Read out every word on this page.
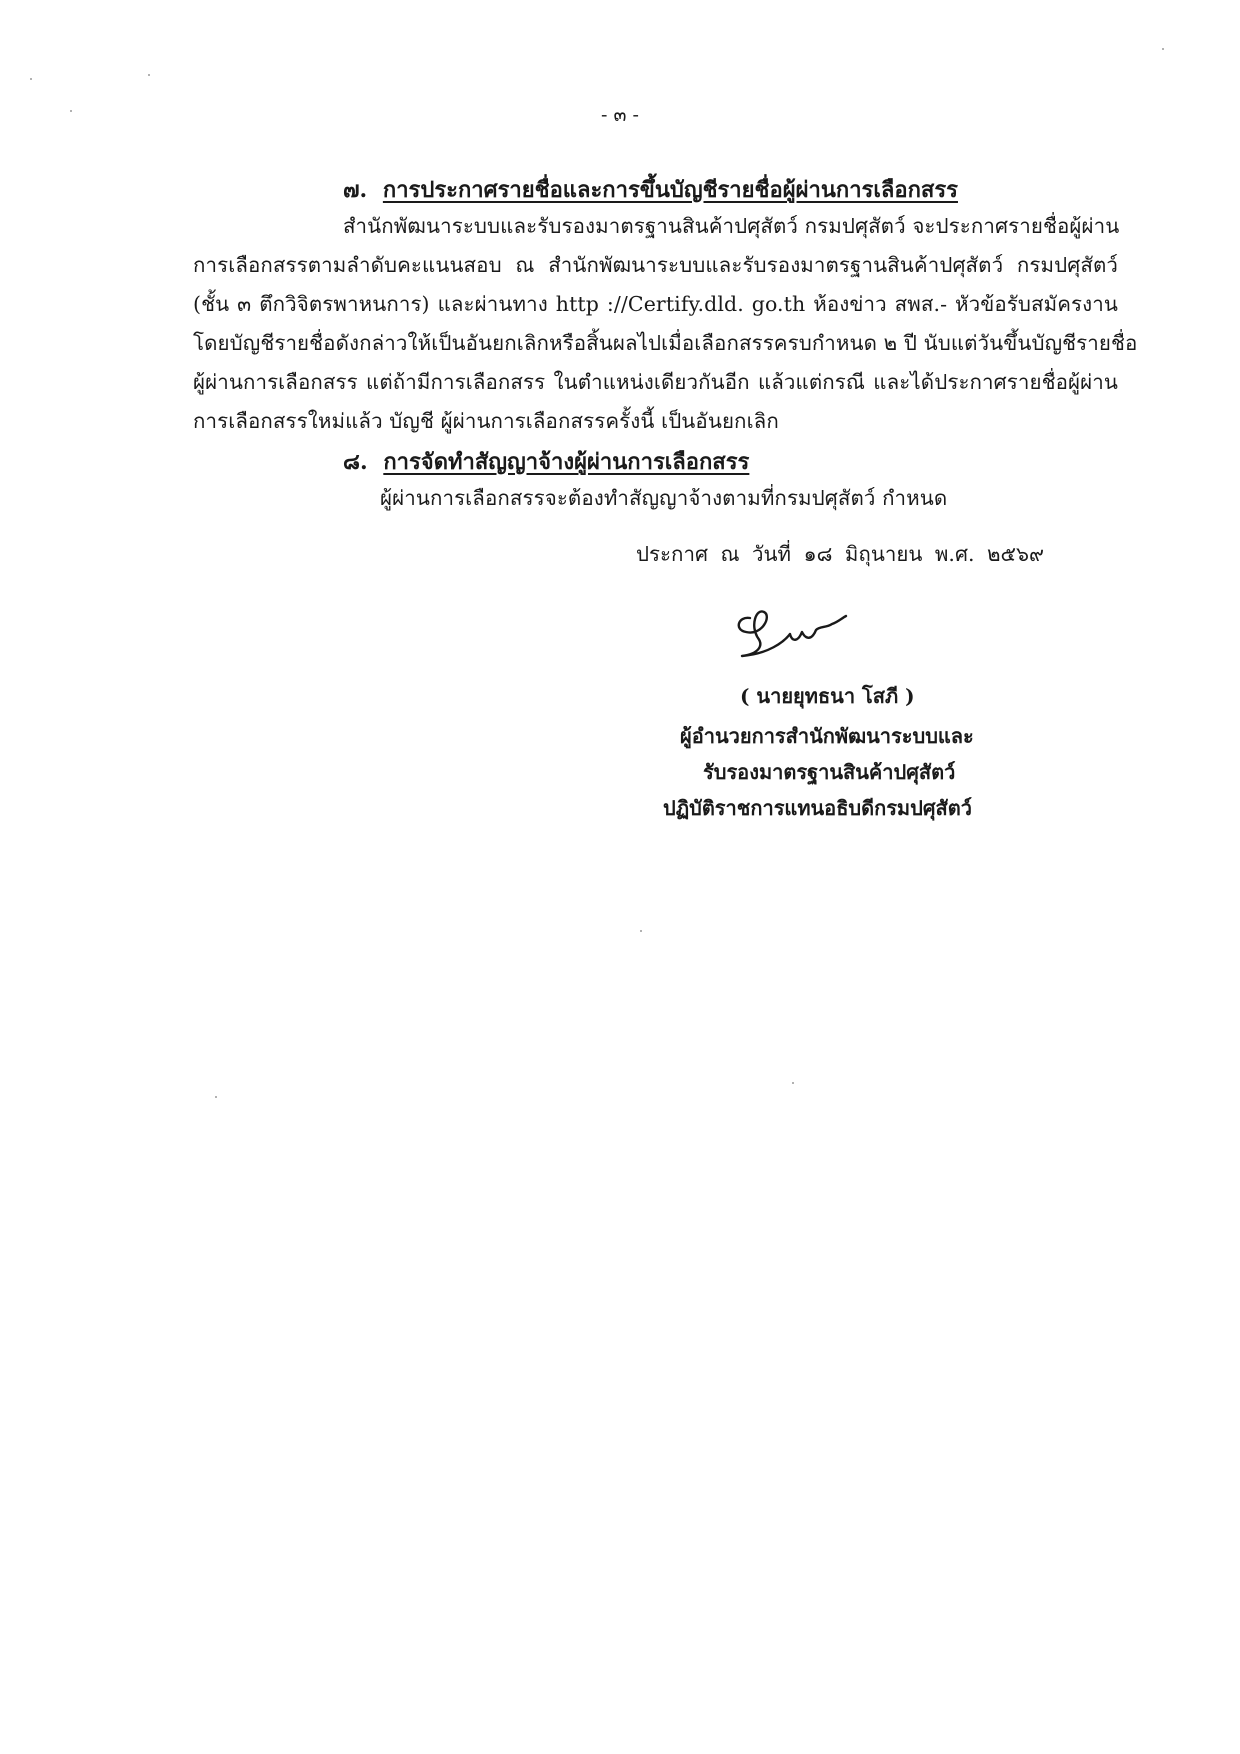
- ๓ -
๗. การประกาศรายชื่อและการขึ้นบัญชีรายชื่อผู้ผ่านการเลือกสรร
สำนักพัฒนาระบบและรับรองมาตรฐานสินค้าปศุสัตว์ กรมปศุสัตว์ จะประกาศรายชื่อผู้ผ่าน
การเลือกสรรตามลำดับคะแนนสอบ ณ สำนักพัฒนาระบบและรับรองมาตรฐานสินค้าปศุสัตว์ กรมปศุสัตว์
(ชั้น ๓ ตึกวิจิตรพาหนการ) และผ่านทาง http ://Certify.dld. go.th ห้องข่าว สพส.- หัวข้อรับสมัครงาน
โดยบัญชีรายชื่อดังกล่าวให้เป็นอันยกเลิกหรือสิ้นผลไปเมื่อเลือกสรรครบกำหนด ๒ ปี นับแต่วันขึ้นบัญชีรายชื่อ
ผู้ผ่านการเลือกสรร แต่ถ้ามีการเลือกสรร ในตำแหน่งเดียวกันอีก แล้วแต่กรณี และได้ประกาศรายชื่อผู้ผ่าน
การเลือกสรรใหม่แล้ว บัญชี ผู้ผ่านการเลือกสรรครั้งนี้ เป็นอันยกเลิก
๘. การจัดทำสัญญาจ้างผู้ผ่านการเลือกสรร
ผู้ผ่านการเลือกสรรจะต้องทำสัญญาจ้างตามที่กรมปศุสัตว์ กำหนด
ประกาศ ณ วันที่ ๑๘ มิถุนายน พ.ศ. ๒๕๖๙
( นายยุทธนา โสภี )
ผู้อำนวยการสำนักพัฒนาระบบและ
รับรองมาตรฐานสินค้าปศุสัตว์
ปฏิบัติราชการแทนอธิบดีกรมปศุสัตว์
